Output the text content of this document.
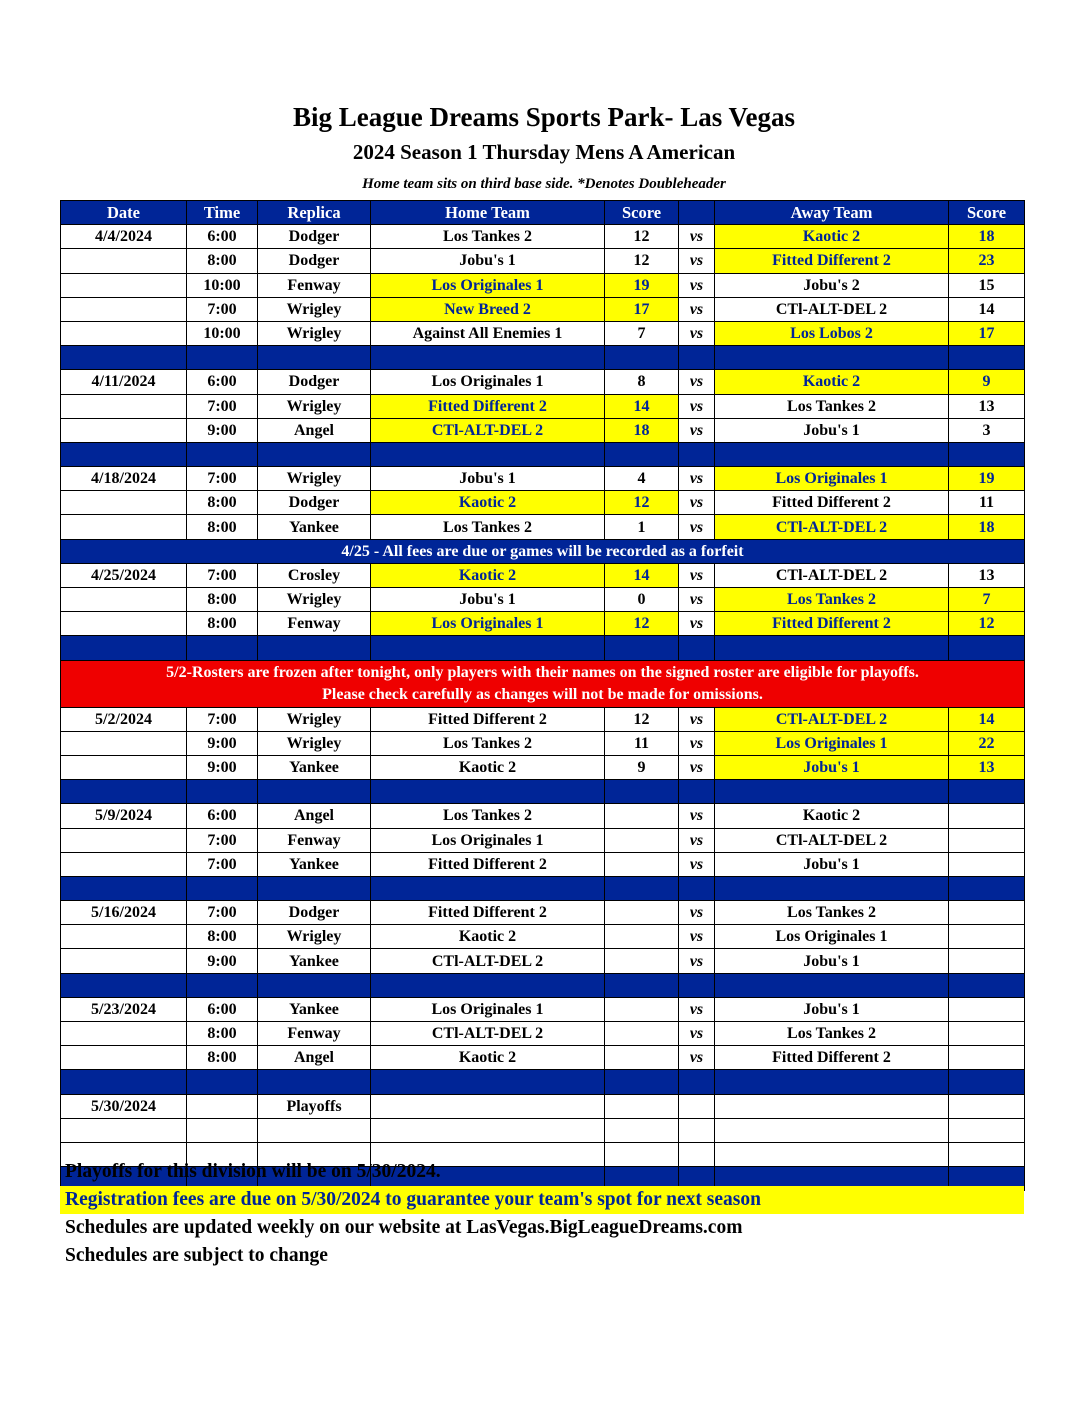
Big League Dreams Sports Park- Las Vegas
2024 Season 1 Thursday Mens A American
Home team sits on third base side. *Denotes Doubleheader
Date	Time	Replica	Home Team	Score		Away Team	Score
4/4/2024	6:00	Dodger	Los Tankes 2	12	vs	Kaotic 2	18
	8:00	Dodger	Jobu's 1	12	vs	Fitted Different 2	23
	10:00	Fenway	Los Originales 1	19	vs	Jobu's 2	15
	7:00	Wrigley	New Breed 2	17	vs	CTl-ALT-DEL 2	14
	10:00	Wrigley	Against All Enemies 1	7	vs	Los Lobos 2	17

4/11/2024	6:00	Dodger	Los Originales 1	8	vs	Kaotic 2	9
	7:00	Wrigley	Fitted Different 2	14	vs	Los Tankes 2	13
	9:00	Angel	CTl-ALT-DEL 2	18	vs	Jobu's 1	3

4/18/2024	7:00	Wrigley	Jobu's 1	4	vs	Los Originales 1	19
	8:00	Dodger	Kaotic 2	12	vs	Fitted Different 2	11
	8:00	Yankee	Los Tankes 2	1	vs	CTl-ALT-DEL 2	18
4/25 - All fees are due or games will be recorded as a forfeit							
4/25/2024	7:00	Crosley	Kaotic 2	14	vs	CTl-ALT-DEL 2	13
	8:00	Wrigley	Jobu's 1	0	vs	Los Tankes 2	7
	8:00	Fenway	Los Originales 1	12	vs	Fitted Different 2	12

5/2-Rosters are frozen after tonight, only players with their names on the signed roster are eligible for playoffs.
Please check carefully as changes will not be made for omissions.							

5/2/2024	7:00	Wrigley	Fitted Different 2	12	vs	CTl-ALT-DEL 2	14
	9:00	Wrigley	Los Tankes 2	11	vs	Los Originales 1	22
	9:00	Yankee	Kaotic 2	9	vs	Jobu's 1	13

5/9/2024	6:00	Angel	Los Tankes 2		vs	Kaotic 2	
	7:00	Fenway	Los Originales 1		vs	CTl-ALT-DEL 2	
	7:00	Yankee	Fitted Different 2		vs	Jobu's 1	

5/16/2024	7:00	Dodger	Fitted Different 2		vs	Los Tankes 2	
	8:00	Wrigley	Kaotic 2		vs	Los Originales 1	
	9:00	Yankee	CTl-ALT-DEL 2		vs	Jobu's 1	

5/23/2024	6:00	Yankee	Los Originales 1		vs	Jobu's 1	
	8:00	Fenway	CTl-ALT-DEL 2		vs	Los Tankes 2	
	8:00	Angel	Kaotic 2		vs	Fitted Different 2	

5/30/2024		Playoffs					

Playoffs for this division will be on 5/30/2024.
Registration fees are due on 5/30/2024 to guarantee your team's spot for next season
Schedules are updated weekly on our website at LasVegas.BigLeagueDreams.com
Schedules are subject to change
